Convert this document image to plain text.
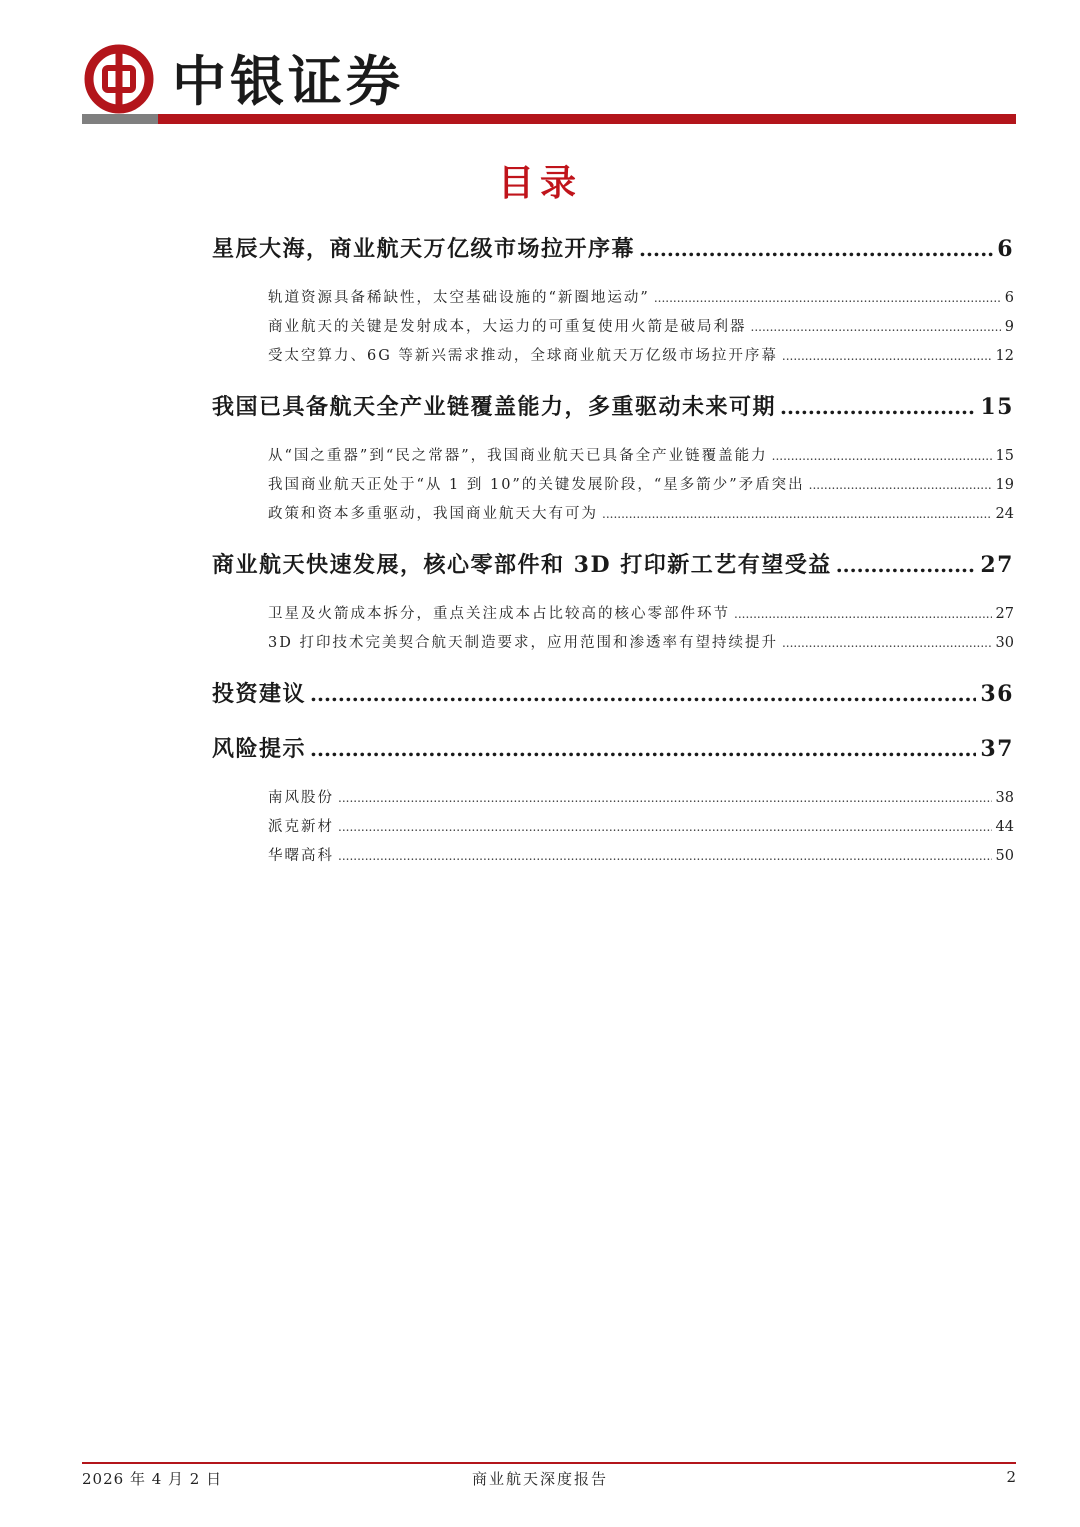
中银证券
目录
星辰大海，商业航天万亿级市场拉开序幕 .....	6
轨道资源具备稀缺性，太空基础设施的“新圈地运动” .....	6
商业航天的关键是发射成本，大运力的可重复使用火箭是破局利器 .....	9
受太空算力、6G 等新兴需求推动，全球商业航天万亿级市场拉开序幕 .....	12
我国已具备航天全产业链覆盖能力，多重驱动未来可期 .....	15
从“国之重器”到“民之常器”，我国商业航天已具备全产业链覆盖能力 .....	15
我国商业航天正处于“从 1 到 10”的关键发展阶段，“星多箭少”矛盾突出 .....	19
政策和资本多重驱动，我国商业航天大有可为 .....	24
商业航天快速发展，核心零部件和 3D 打印新工艺有望受益 .....	27
卫星及火箭成本拆分，重点关注成本占比较高的核心零部件环节 .....	27
3D 打印技术完美契合航天制造要求，应用范围和渗透率有望持续提升 .....	30
投资建议 .....	36
风险提示 .....	37
南风股份 .....	38
派克新材 .....	44
华曙高科 .....	50
2026 年 4 月 2 日	商业航天深度报告	2
